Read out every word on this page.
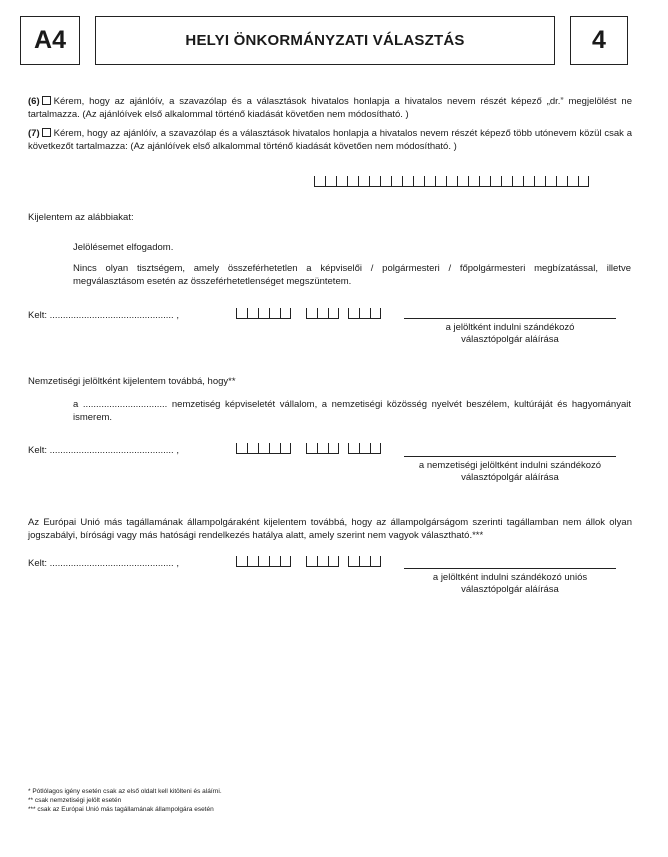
A4	HELYI ÖNKORMÁNYZATI VÁLASZTÁS	4
(6) Kérem, hogy az ajánlóív, a szavazólap és a választások hivatalos honlapja a hivatalos nevem részét képező „dr.” megjelölést ne tartalmazza. (Az ajánlóívek első alkalommal történő kiadását követően nem módosítható. )
(7) Kérem, hogy az ajánlóív, a szavazólap és a választások hivatalos honlapja a hivatalos nevem részét képező több utónevem közül csak a következőt tartalmazza: (Az ajánlóívek első alkalommal történő kiadását követően nem módosítható. )
Kijelentem az alábbiakat:
Jelölésemet elfogadom.
Nincs olyan tisztségem, amely összeférhetetlen a képviselői / polgármesteri / főpolgármesteri megbízatással, illetve megválasztásom esetén az összeférhetetlenséget megszüntetem.
Kelt: ............................................... ,
a jelöltként indulni szándékozó
választópolgár aláírása
Nemzetiségi jelöltként kijelentem továbbá, hogy**
a ................................ nemzetiség képviseletét vállalom, a nemzetiségi közösség nyelvét beszélem, kultúráját és hagyományait ismerem.
Kelt: ............................................... ,
a nemzetiségi jelöltként indulni szándékozó
választópolgár aláírása
Az Európai Unió más tagállamának állampolgáraként kijelentem továbbá, hogy az állampolgárságom szerinti tagállamban nem állok olyan jogszabályi, bírósági vagy más hatósági rendelkezés hatálya alatt, amely szerint nem vagyok választható.***
Kelt: ............................................... ,
a jelöltként indulni szándékozó uniós
választópolgár aláírása
* Pótlólagos igény esetén csak az első oldalt kell kitölteni és aláírni.
** csak nemzetiségi jelölt esetén
*** csak az Európai Unió más tagállamának állampolgára esetén
